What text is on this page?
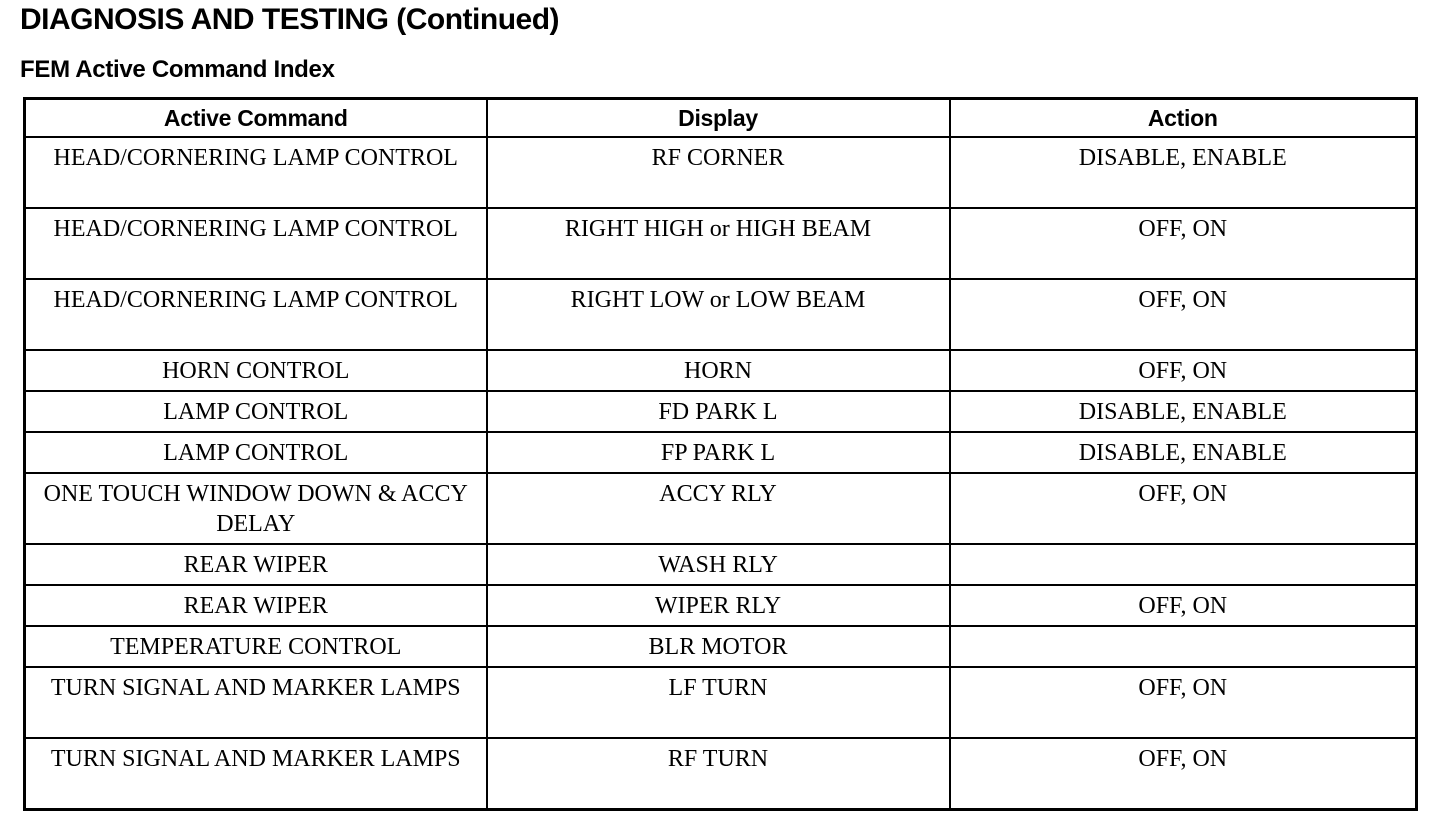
DIAGNOSIS AND TESTING (Continued)
FEM Active Command Index
Active Command	Display	Action
HEAD/CORNERING LAMP CONTROL	RF CORNER	DISABLE, ENABLE
HEAD/CORNERING LAMP CONTROL	RIGHT HIGH or HIGH BEAM	OFF, ON
HEAD/CORNERING LAMP CONTROL	RIGHT LOW or LOW BEAM	OFF, ON
HORN CONTROL	HORN	OFF, ON
LAMP CONTROL	FD PARK L	DISABLE, ENABLE
LAMP CONTROL	FP PARK L	DISABLE, ENABLE
ONE TOUCH WINDOW DOWN & ACCY DELAY	ACCY RLY	OFF, ON
REAR WIPER	WASH RLY	
REAR WIPER	WIPER RLY	OFF, ON
TEMPERATURE CONTROL	BLR MOTOR	
TURN SIGNAL AND MARKER LAMPS	LF TURN	OFF, ON
TURN SIGNAL AND MARKER LAMPS	RF TURN	OFF, ON
